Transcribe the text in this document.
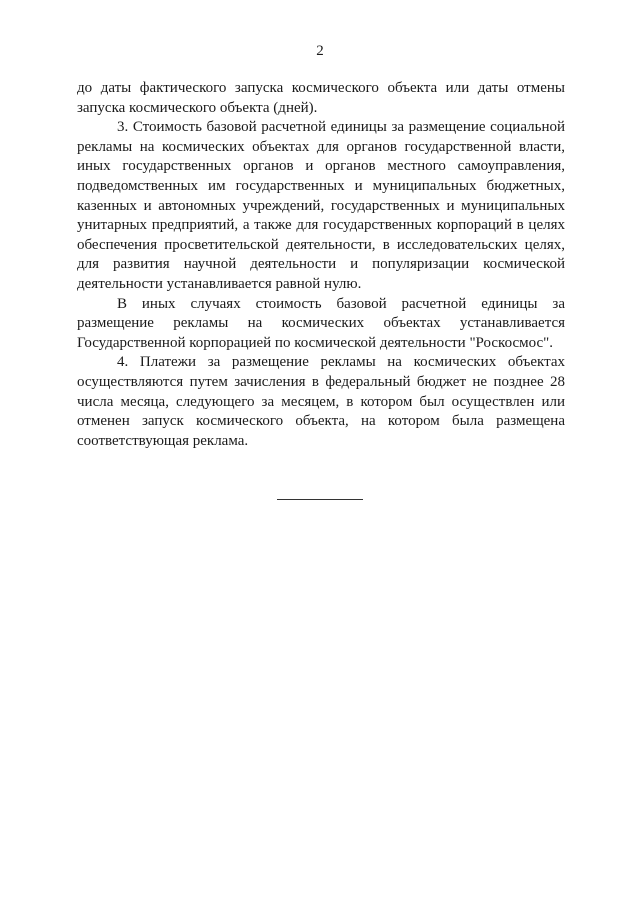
2

до даты фактического запуска космического объекта или даты отмены запуска космического объекта (дней).

3. Стоимость базовой расчетной единицы за размещение социальной рекламы на космических объектах для органов государственной власти, иных государственных органов и органов местного самоуправления, подведомственных им государственных и муниципальных бюджетных, казенных и автономных учреждений, государственных и муниципальных унитарных предприятий, а также для государственных корпораций в целях обеспечения просветительской деятельности, в исследовательских целях, для развития научной деятельности и популяризации космической деятельности устанавливается равной нулю.

В иных случаях стоимость базовой расчетной единицы за размещение рекламы на космических объектах устанавливается Государственной корпорацией по космической деятельности "Роскосмос".

4. Платежи за размещение рекламы на космических объектах осуществляются путем зачисления в федеральный бюджет не позднее 28 числа месяца, следующего за месяцем, в котором был осуществлен или отменен запуск космического объекта, на котором была размещена соответствующая реклама.
